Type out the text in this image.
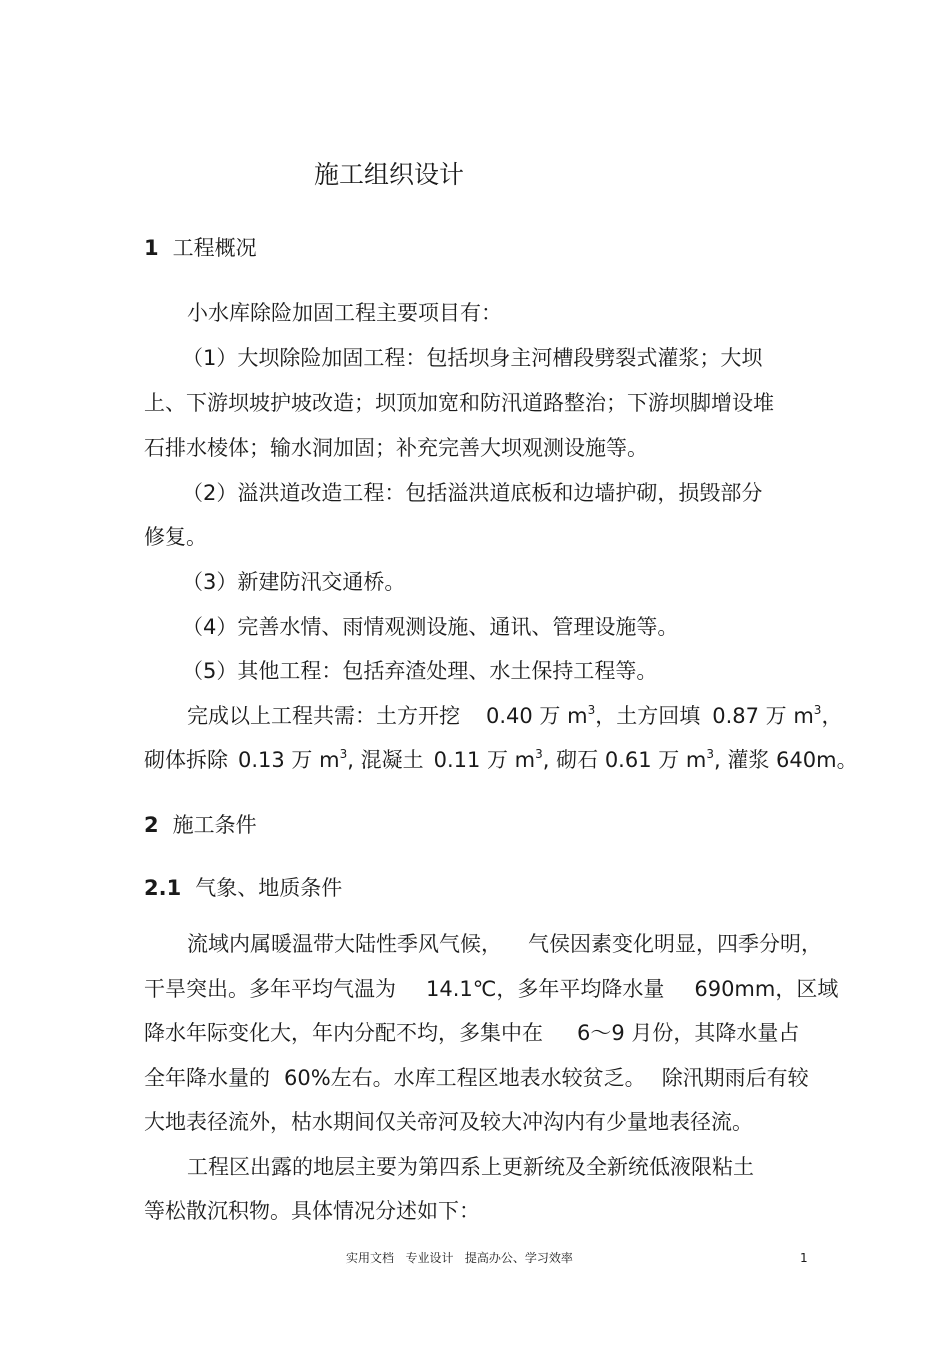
施工组织设计
1 工程概况
小水库除险加固工程主要项目有：
（1）大坝除险加固工程：包括坝身主河槽段劈裂式灌浆；大坝
上、下游坝坡护坡改造；坝顶加宽和防汛道路整治；下游坝脚增设堆
石排水棱体；输水洞加固；补充完善大坝观测设施等。
（2）溢洪道改造工程：包括溢洪道底板和边墙护砌，损毁部分
修复。
（3）新建防汛交通桥。
（4）完善水情、雨情观测设施、通讯、管理设施等。
（5）其他工程：包括弃渣处理、水土保持工程等。
完成以上工程共需：土方开挖 0.40 万 $m^3$，土方回填 0.87 万 $m^3$，
砌体拆除 0.13 万 $m^3$, 混凝土 0.11 万 $m^3$, 砌石 0.61 万 $m^3$, 灌浆 640m。
2 施工条件
2.1 气象、地质条件
流域内属暖温带大陆性季风气候， 气侯因素变化明显，四季分明，
干旱突出。多年平均气温为 14.1℃，多年平均降水量 690mm，区域
降水年际变化大，年内分配不均，多集中在 6～9 月份，其降水量占
全年降水量的 60%左右。水库工程区地表水较贫乏。 除汛期雨后有较
大地表径流外，枯水期间仅关帝河及较大冲沟内有少量地表径流。
工程区出露的地层主要为第四系上更新统及全新统低液限粘土
等松散沉积物。具体情况分述如下：
实用文档   专业设计   提高办公、学习效率	1
